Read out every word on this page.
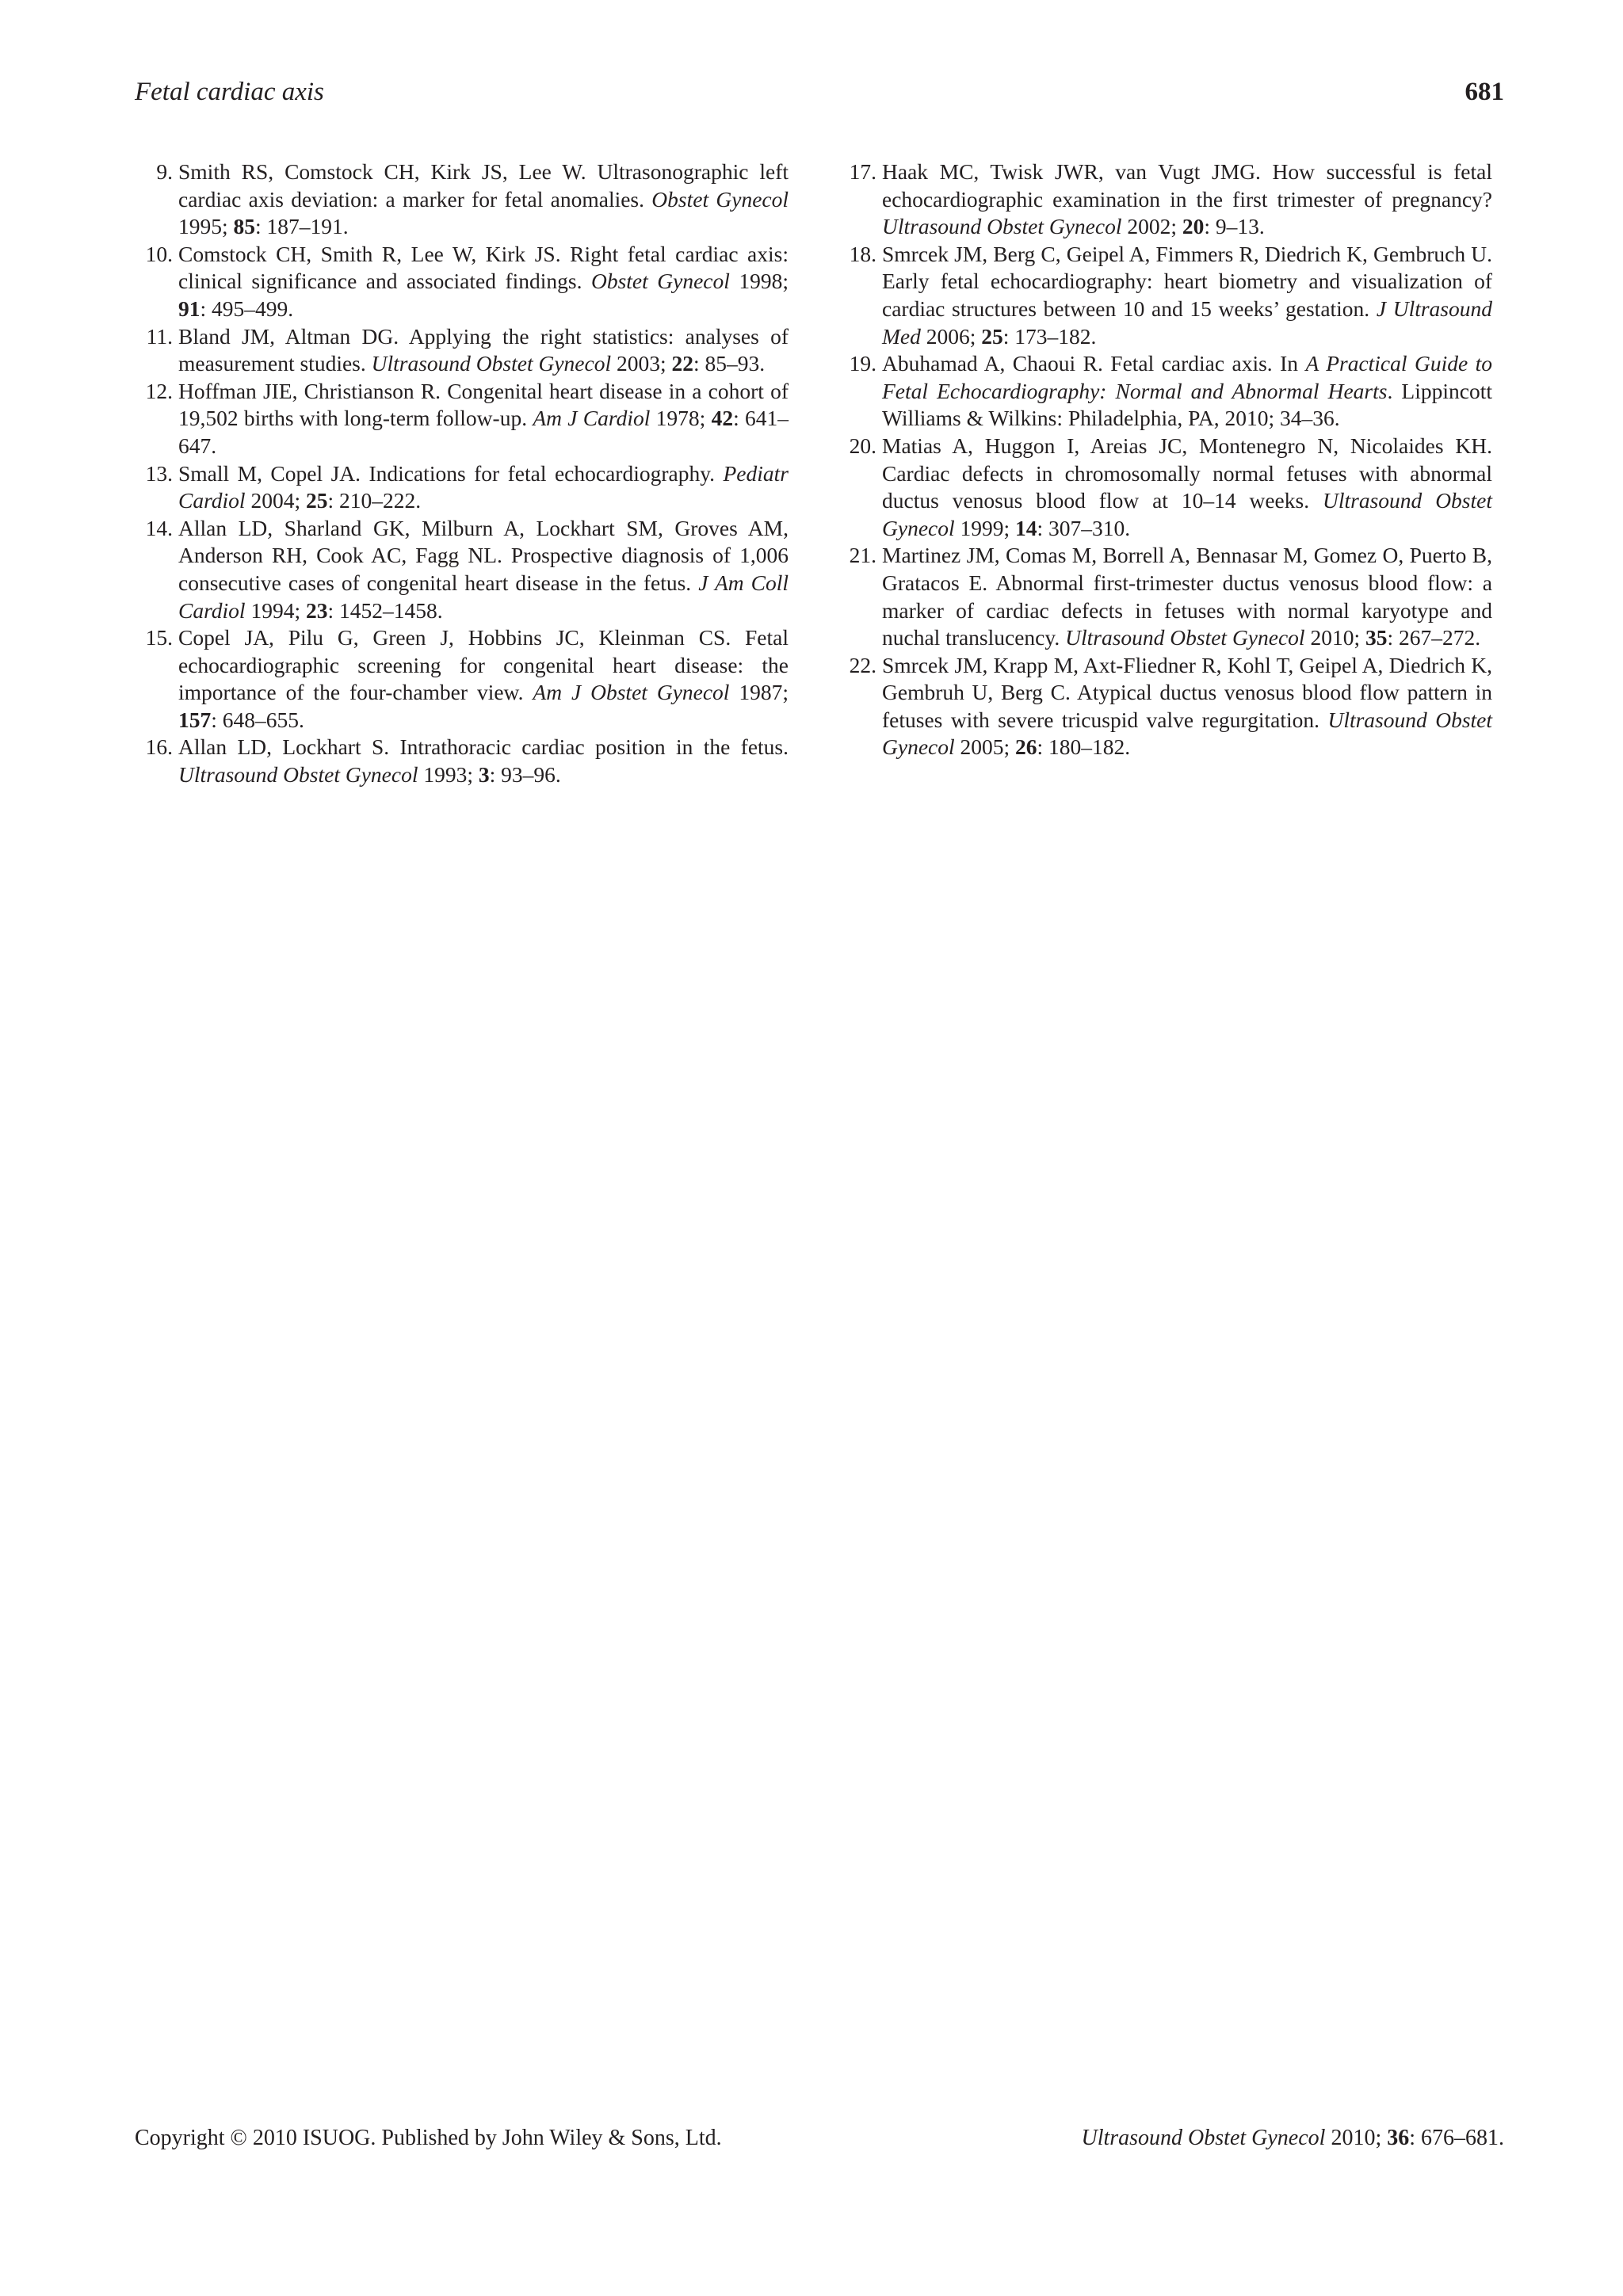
Fetal cardiac axis	681

9. Smith RS, Comstock CH, Kirk JS, Lee W. Ultrasonographic left cardiac axis deviation: a marker for fetal anomalies. Obstet Gynecol 1995; 85: 187–191.

10. Comstock CH, Smith R, Lee W, Kirk JS. Right fetal cardiac axis: clinical significance and associated findings. Obstet Gynecol 1998; 91: 495–499.

11. Bland JM, Altman DG. Applying the right statistics: analyses of measurement studies. Ultrasound Obstet Gynecol 2003; 22: 85–93.

12. Hoffman JIE, Christianson R. Congenital heart disease in a cohort of 19,502 births with long-term follow-up. Am J Cardiol 1978; 42: 641–647.

13. Small M, Copel JA. Indications for fetal echocardiography. Pediatr Cardiol 2004; 25: 210–222.

14. Allan LD, Sharland GK, Milburn A, Lockhart SM, Groves AM, Anderson RH, Cook AC, Fagg NL. Prospective diagnosis of 1,006 consecutive cases of congenital heart disease in the fetus. J Am Coll Cardiol 1994; 23: 1452–1458.

15. Copel JA, Pilu G, Green J, Hobbins JC, Kleinman CS. Fetal echocardiographic screening for congenital heart disease: the importance of the four-chamber view. Am J Obstet Gynecol 1987; 157: 648–655.

16. Allan LD, Lockhart S. Intrathoracic cardiac position in the fetus. Ultrasound Obstet Gynecol 1993; 3: 93–96.

17. Haak MC, Twisk JWR, van Vugt JMG. How successful is fetal echocardiographic examination in the first trimester of pregnancy? Ultrasound Obstet Gynecol 2002; 20: 9–13.

18. Smrcek JM, Berg C, Geipel A, Fimmers R, Diedrich K, Gembruch U. Early fetal echocardiography: heart biometry and visualization of cardiac structures between 10 and 15 weeks’ gestation. J Ultrasound Med 2006; 25: 173–182.

19. Abuhamad A, Chaoui R. Fetal cardiac axis. In A Practical Guide to Fetal Echocardiography: Normal and Abnormal Hearts. Lippincott Williams & Wilkins: Philadelphia, PA, 2010; 34–36.

20. Matias A, Huggon I, Areias JC, Montenegro N, Nicolaides KH. Cardiac defects in chromosomally normal fetuses with abnormal ductus venosus blood flow at 10–14 weeks. Ultrasound Obstet Gynecol 1999; 14: 307–310.

21. Martinez JM, Comas M, Borrell A, Bennasar M, Gomez O, Puerto B, Gratacos E. Abnormal first-trimester ductus venosus blood flow: a marker of cardiac defects in fetuses with normal karyotype and nuchal translucency. Ultrasound Obstet Gynecol 2010; 35: 267–272.

22. Smrcek JM, Krapp M, Axt-Fliedner R, Kohl T, Geipel A, Diedrich K, Gembruh U, Berg C. Atypical ductus venosus blood flow pattern in fetuses with severe tricuspid valve regurgitation. Ultrasound Obstet Gynecol 2005; 26: 180–182.

Copyright © 2010 ISUOG. Published by John Wiley & Sons, Ltd.	Ultrasound Obstet Gynecol 2010; 36: 676–681.
